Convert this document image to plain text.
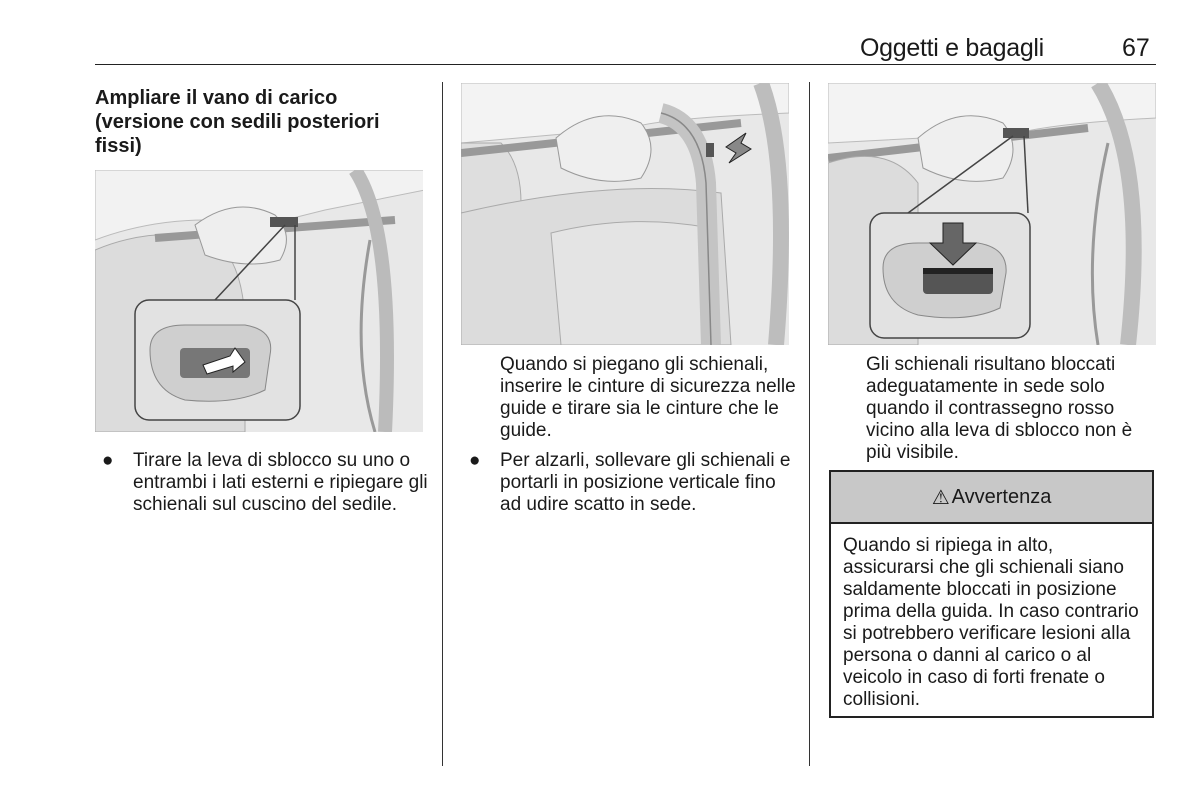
Oggetti e bagagli	67
Ampliare il vano di carico (versione con sedili posteriori fissi)
● Tirare la leva di sblocco su uno o entrambi i lati esterni e ripiegare gli schienali sul cuscino del sedile.
Quando si piegano gli schienali, inserire le cinture di sicurezza nelle guide e tirare sia le cinture che le guide.
● Per alzarli, sollevare gli schienali e portarli in posizione verticale fino ad udire scatto in sede.
Gli schienali risultano bloccati adeguatamente in sede solo quando il contrassegno rosso vicino alla leva di sblocco non è più visibile.
⚠ Avvertenza
Quando si ripiega in alto, assicurarsi che gli schienali siano saldamente bloccati in posizione prima della guida. In caso contrario si potrebbero verificare lesioni alla persona o danni al carico o al veicolo in caso di forti frenate o collisioni.
